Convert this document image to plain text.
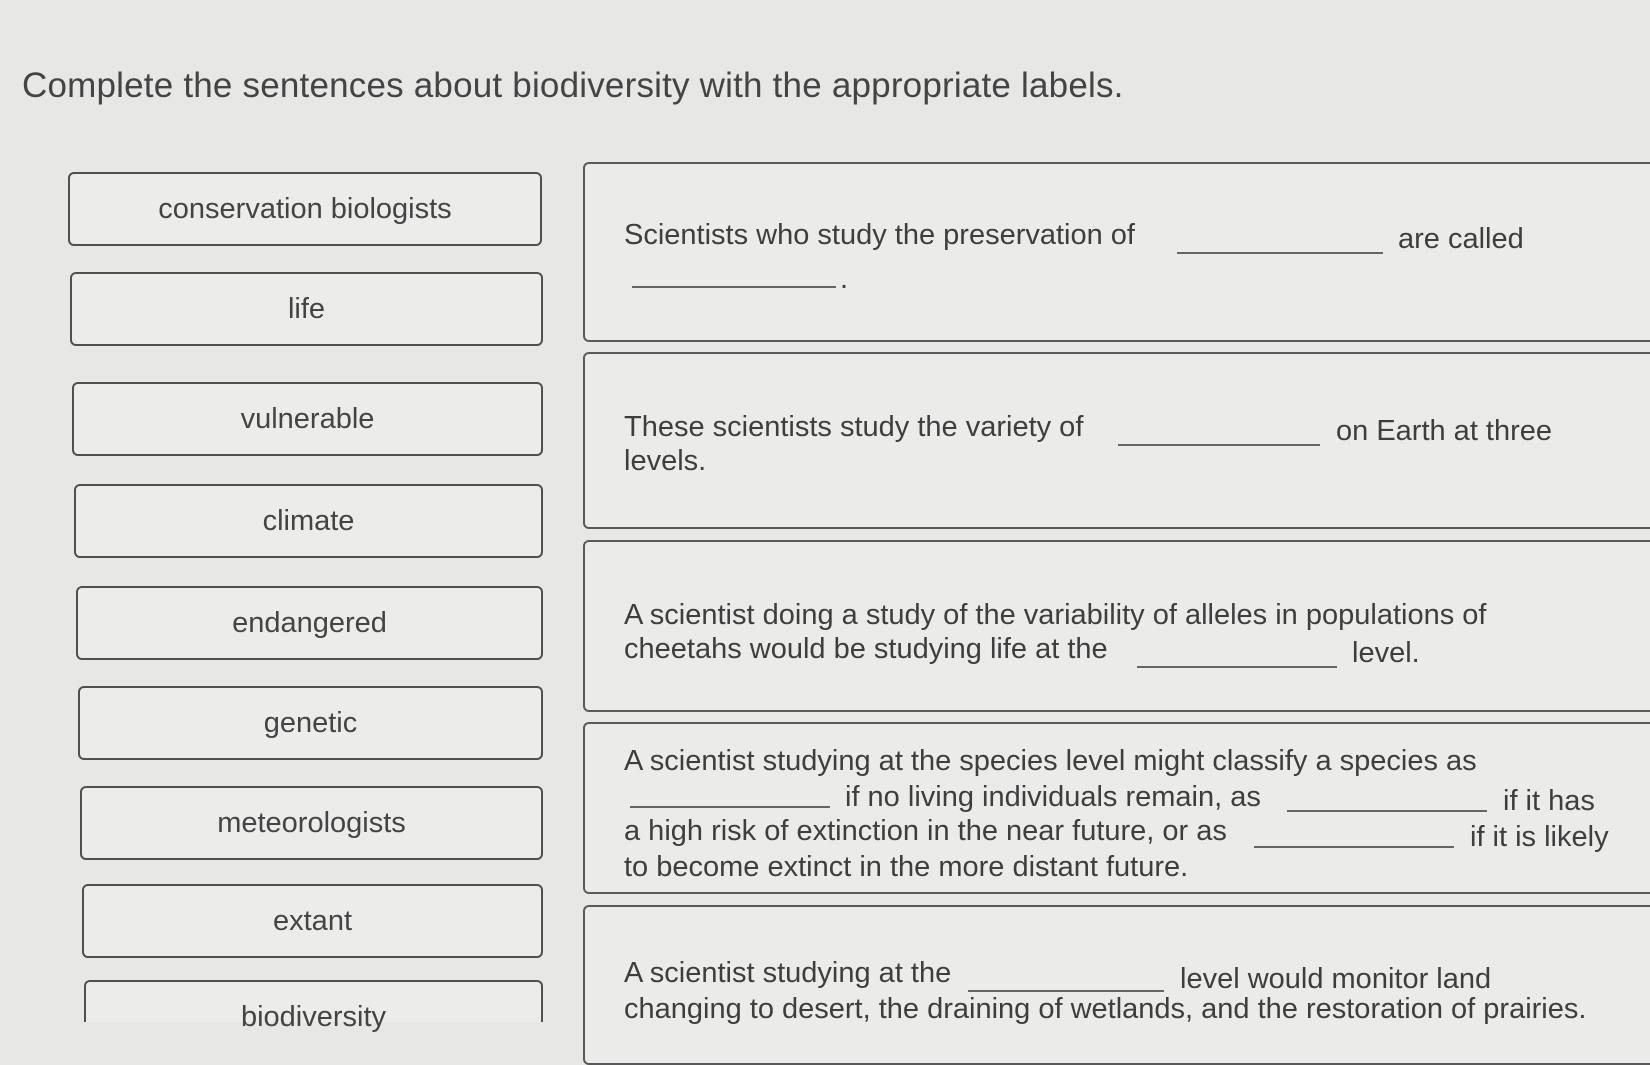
Complete the sentences about biodiversity with the appropriate labels.
conservation biologists
life
vulnerable
climate
endangered
genetic
meteorologists
extant
biodiversity
Scientists who study the preservation of	are called
.
These scientists study the variety of	on Earth at three
levels.
A scientist doing a study of the variability of alleles in populations of
cheetahs would be studying life at the	level.
A scientist studying at the species level might classify a species as
if no living individuals remain, as	if it has
a high risk of extinction in the near future, or as	if it is likely
to become extinct in the more distant future.
A scientist studying at the	level would monitor land
changing to desert, the draining of wetlands, and the restoration of prairies.
